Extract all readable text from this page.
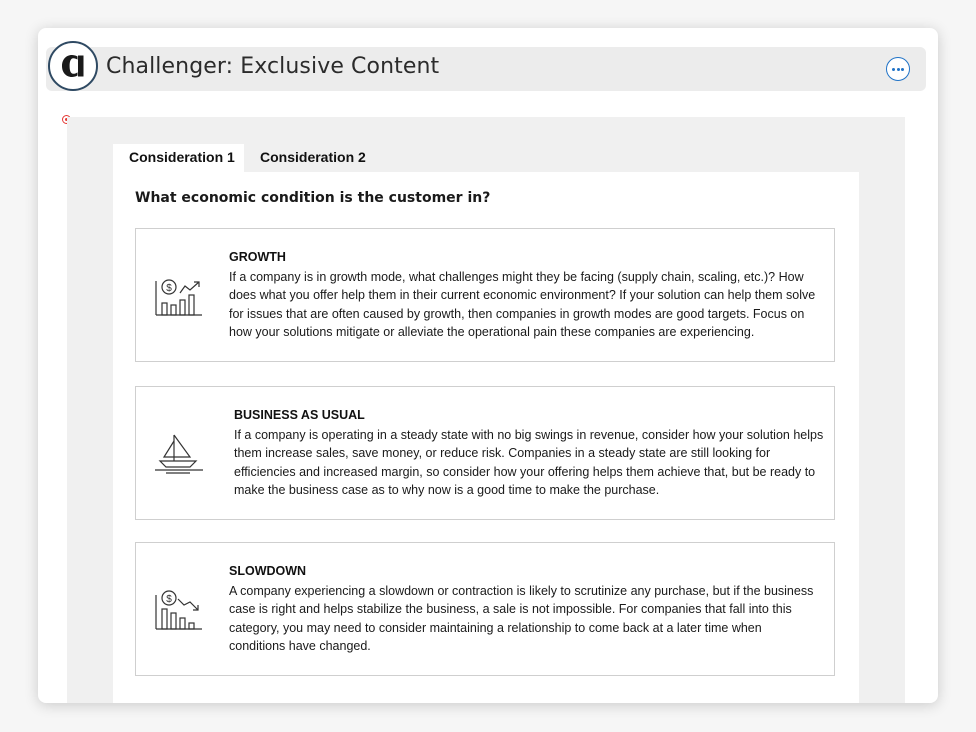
Challenger: Exclusive Content
Consideration 1	Consideration 2
What economic condition is the customer in?
$
GROWTH
If a company is in growth mode, what challenges might they be facing (supply chain, scaling, etc.)? How does what you offer help them in their current economic environment? If your solution can help them solve for issues that are often caused by growth, then companies in growth modes are good targets. Focus on how your solutions mitigate or alleviate the operational pain these companies are experiencing.
BUSINESS AS USUAL
If a company is operating in a steady state with no big swings in revenue, consider how your solution helps them increase sales, save money, or reduce risk. Companies in a steady state are still looking for efficiencies and increased margin, so consider how your offering helps them achieve that, but be ready to make the business case as to why now is a good time to make the purchase.
$
SLOWDOWN
A company experiencing a slowdown or contraction is likely to scrutinize any purchase, but if the business case is right and helps stabilize the business, a sale is not impossible. For companies that fall into this category, you may need to consider maintaining a relationship to come back at a later time when conditions have changed.
